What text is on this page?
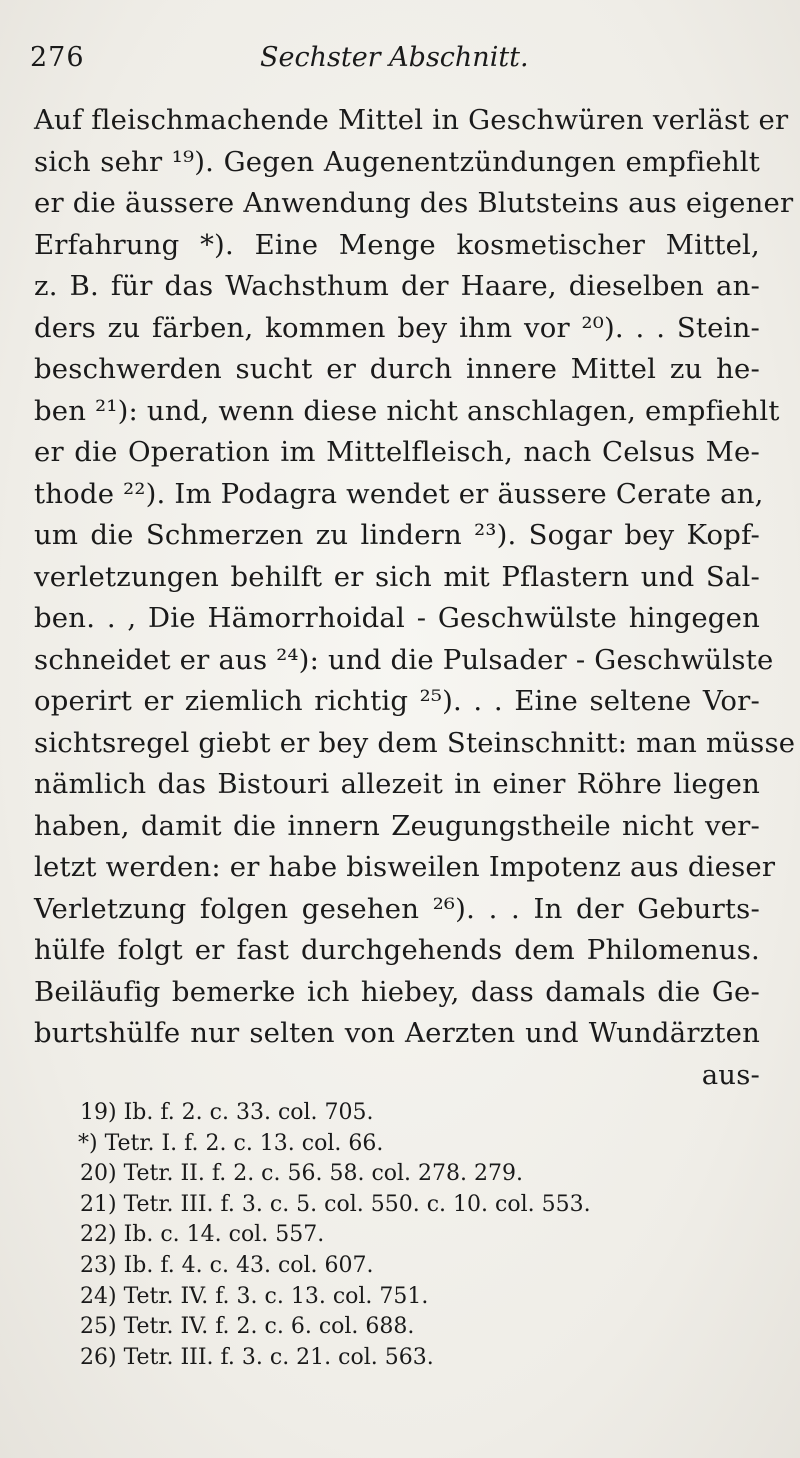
276	Sechster Abschnitt.
Auf fleischmachende Mittel in Geschwüren verläst er
sich sehr ¹⁹). Gegen Augenentzündungen empfiehlt
er die äussere Anwendung des Blutsteins aus eigener
Erfahrung *). Eine Menge kosmetischer Mittel,
z. B. für das Wachsthum der Haare, dieselben an-
ders zu färben, kommen bey ihm vor ²⁰). . . Stein-
beschwerden sucht er durch innere Mittel zu he-
ben ²¹): und, wenn diese nicht anschlagen, empfiehlt
er die Operation im Mittelfleisch, nach Celsus Me-
thode ²²). Im Podagra wendet er äussere Cerate an,
um die Schmerzen zu lindern ²³). Sogar bey Kopf-
verletzungen behilft er sich mit Pflastern und Sal-
ben. . , Die Hämorrhoidal - Geschwülste hingegen
schneidet er aus ²⁴): und die Pulsader - Geschwülste
operirt er ziemlich richtig ²⁵). . . Eine seltene Vor-
sichtsregel giebt er bey dem Steinschnitt: man müsse
nämlich das Bistouri allezeit in einer Röhre liegen
haben, damit die innern Zeugungstheile nicht ver-
letzt werden: er habe bisweilen Impotenz aus dieser
Verletzung folgen gesehen ²⁶). . . In der Geburts-
hülfe folgt er fast durchgehends dem Philomenus.
Beiläufig bemerke ich hiebey, dass damals die Ge-
burtshülfe nur selten von Aerzten und Wundärzten
aus-
19) Ib. f. 2. c. 33. col. 705.
*) Tetr. I. f. 2. c. 13. col. 66.
20) Tetr. II. f. 2. c. 56. 58. col. 278. 279.
21) Tetr. III. f. 3. c. 5. col. 550. c. 10. col. 553.
22) Ib. c. 14. col. 557.
23) Ib. f. 4. c. 43. col. 607.
24) Tetr. IV. f. 3. c. 13. col. 751.
25) Tetr. IV. f. 2. c. 6. col. 688.
26) Tetr. III. f. 3. c. 21. col. 563.
